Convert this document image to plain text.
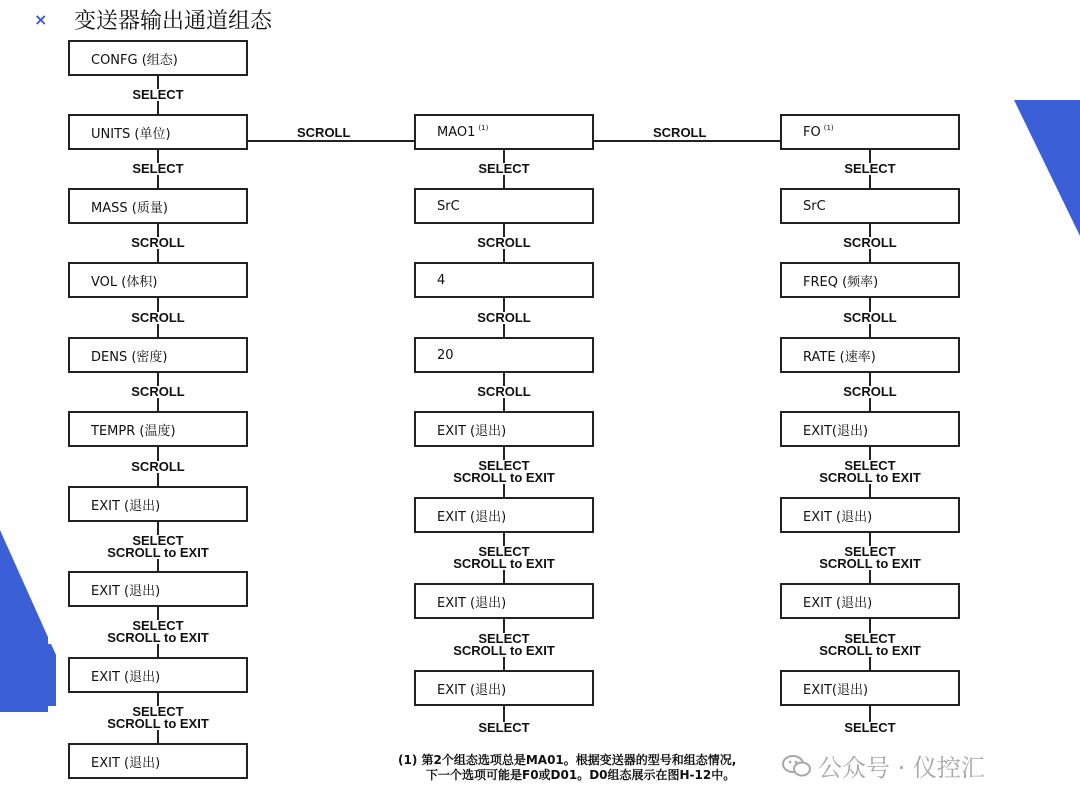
×	变送器输出通道组态
CONFG (组态)
UNITS (单位)
MASS (质量)
VOL (体积)
DENS (密度)
TEMPR (温度)
EXIT (退出)
EXIT (退出)
EXIT (退出)
EXIT (退出)
SELECT
SELECT
SCROLL
SCROLL
SCROLL
SCROLL
SELECT
SCROLL to EXIT
SELECT
SCROLL to EXIT
SELECT
SCROLL to EXIT
MAO1 $^{(1)}$
SrC
4
20
EXIT (退出)
EXIT (退出)
EXIT (退出)
EXIT (退出)
SELECT
SCROLL
SCROLL
SCROLL
SELECT
SCROLL to EXIT
SELECT
SCROLL to EXIT
SELECT
SCROLL to EXIT
SELECT
FO $^{(1)}$
SrC
FREQ (频率)
RATE (速率)
EXIT(退出)
EXIT (退出)
EXIT (退出)
EXIT(退出)
SELECT
SCROLL
SCROLL
SCROLL
SELECT
SCROLL to EXIT
SELECT
SCROLL to EXIT
SELECT
SCROLL to EXIT
SELECT
SCROLL	SCROLL
(1) 第2个组态选项总是MA01。根据变送器的型号和组态情况,
下一个选项可能是F0或D01。D0组态展示在图H-12中。	公众号 · 仪控汇
